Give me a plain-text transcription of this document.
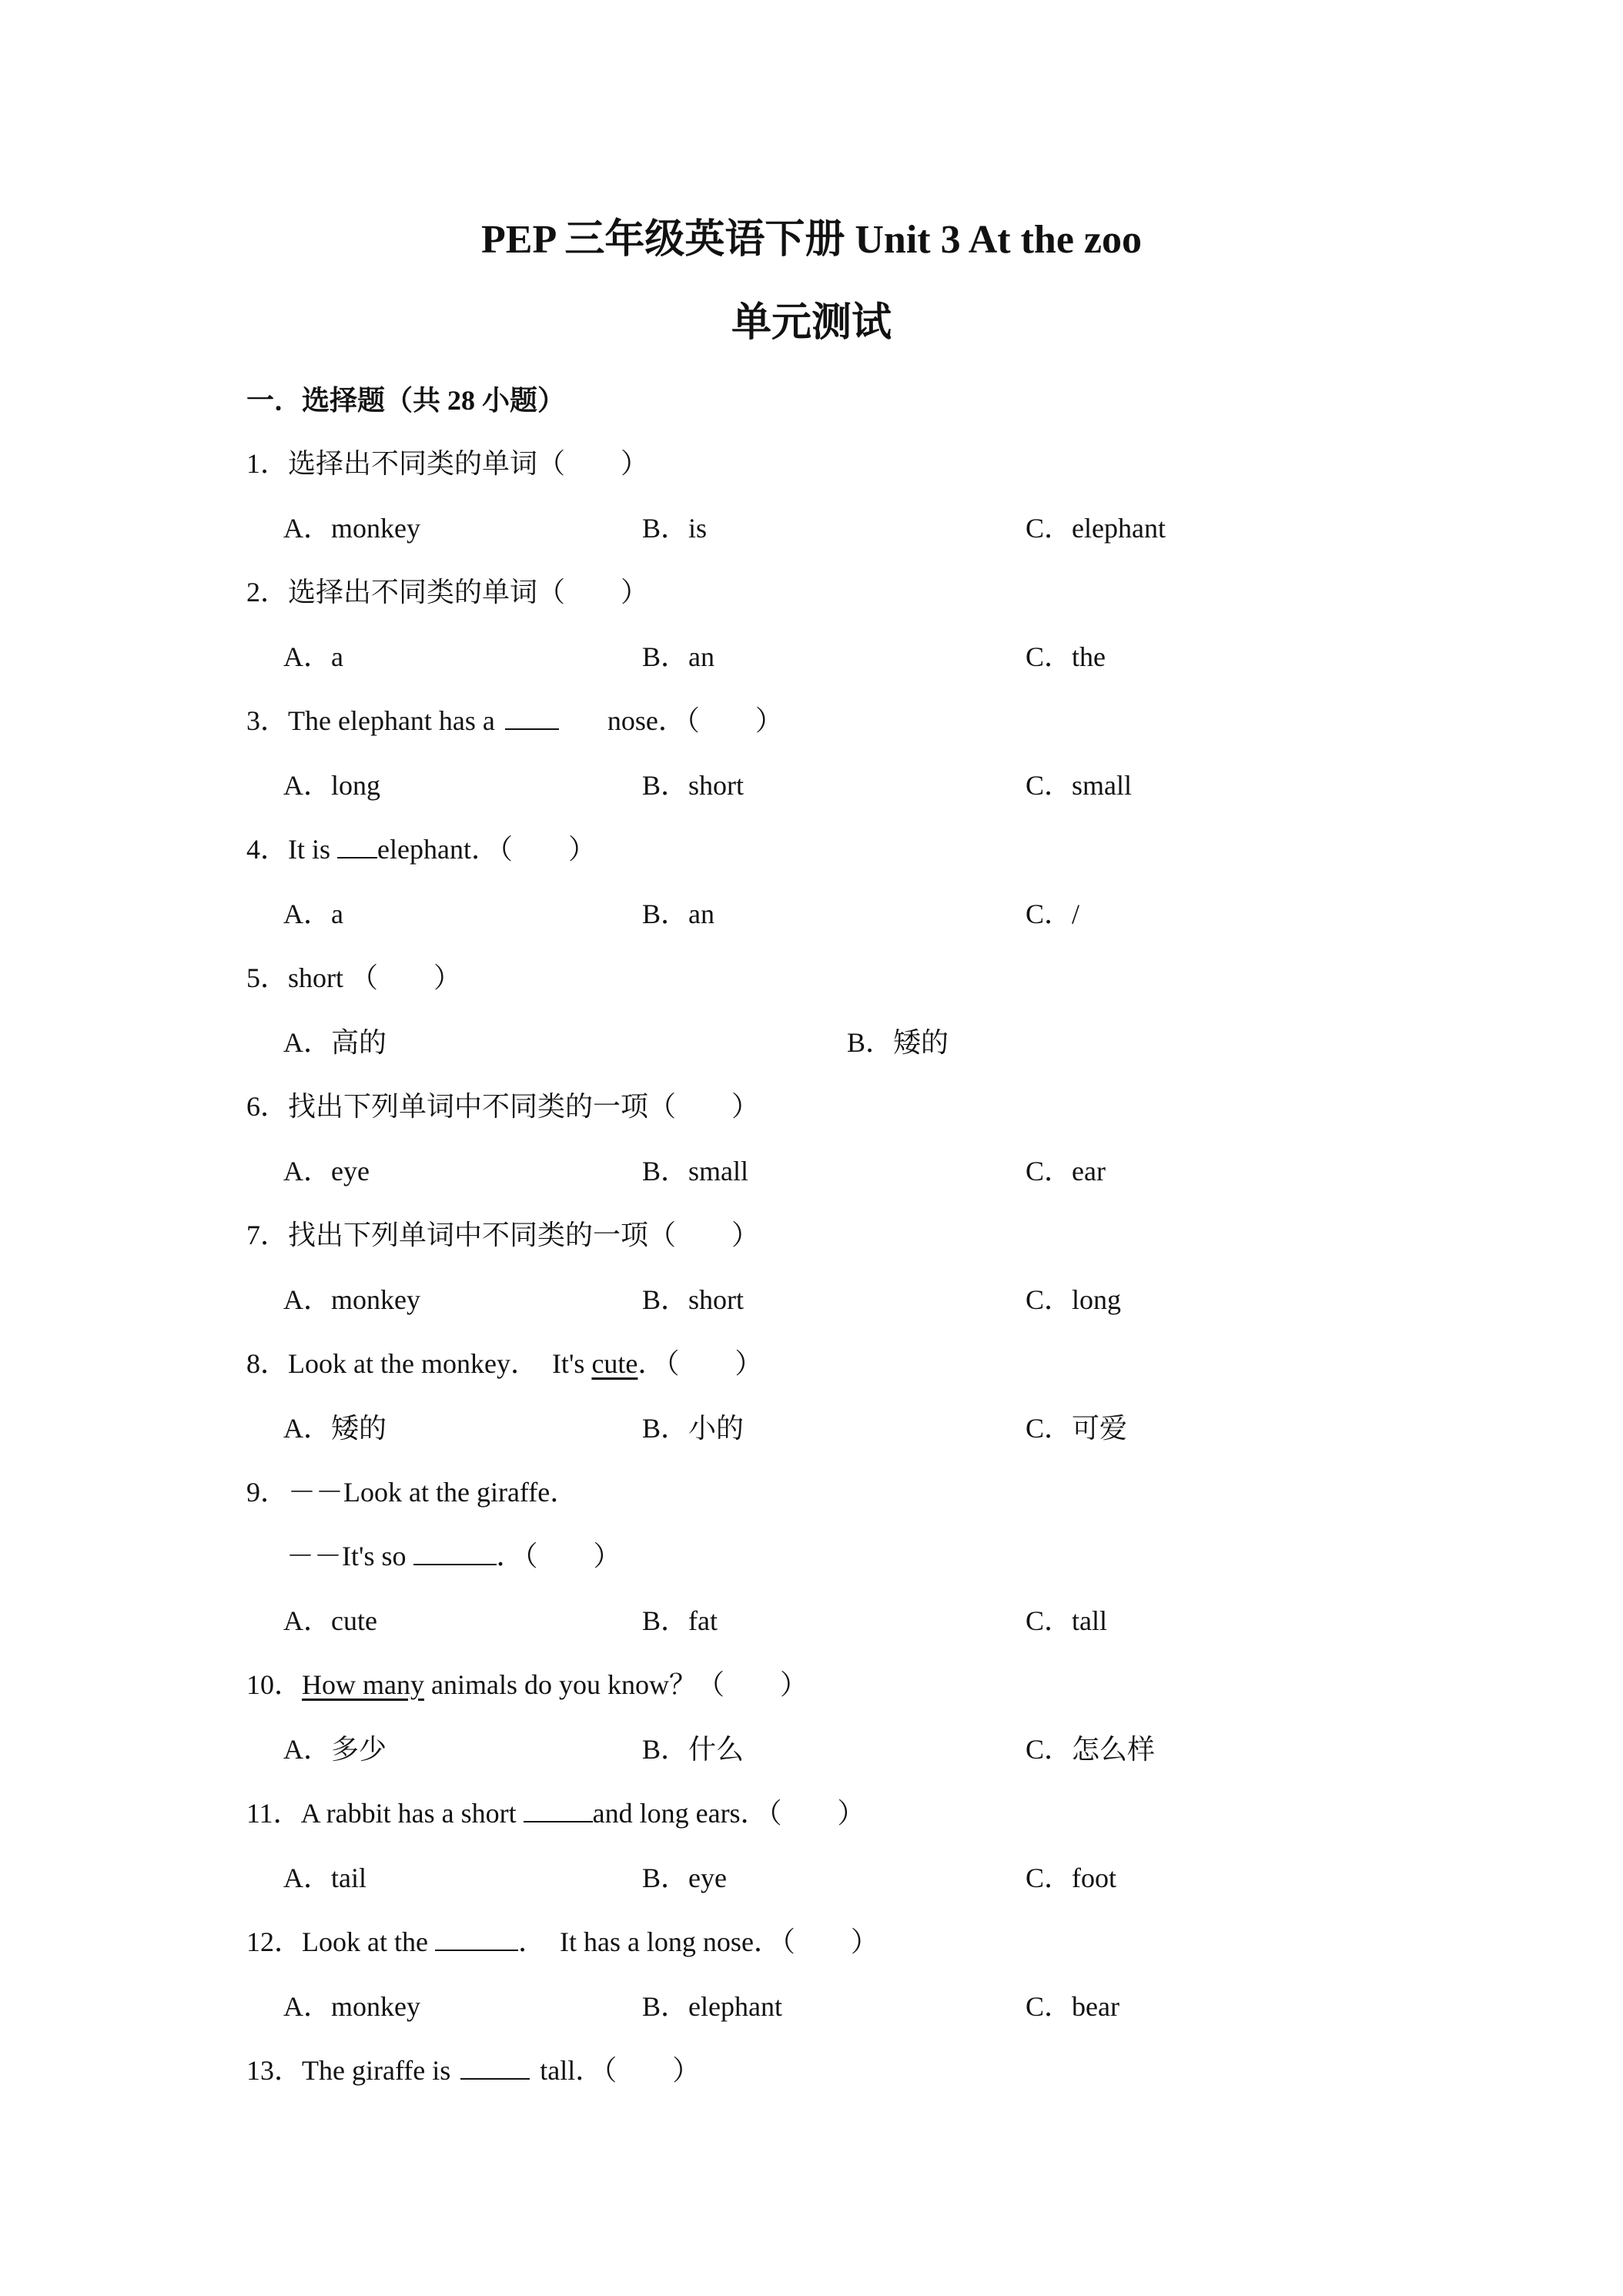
PEP 三年级英语下册 Unit 3 At the zoo
单元测试
一．选择题（共 28 小题）
1．选择出不同类的单词（　　）
A．monkey	B．is	C．elephant
2．选择出不同类的单词（　　）
A．a	B．an	C．the
3．The elephant has a	nose．（　　）
A．long	B．short	C．small
4．It is elephant．（　　）
A．a	B．an	C．/
5．short （　　）
A．高的	B．矮的
6．找出下列单词中不同类的一项（　　）
A．eye	B．small	C．ear
7．找出下列单词中不同类的一项（　　）
A．monkey	B．short	C．long
8．Look at the monkey．　It's cute．（　　）
A．矮的	B．小的	C．可爱
9．－－Look at the giraffe．
－－It's so	．（　　）
A．cute	B．fat	C．tall
10．How many animals do you know？（　　）
A．多少	B．什么	C．怎么样
11．A rabbit has a short	and long ears．（　　）
A．tail	B．eye	C．foot
12．Look at the	．　It has a long nose．（　　）
A．monkey	B．elephant	C．bear
13．The giraffe is	tall．（　　）
